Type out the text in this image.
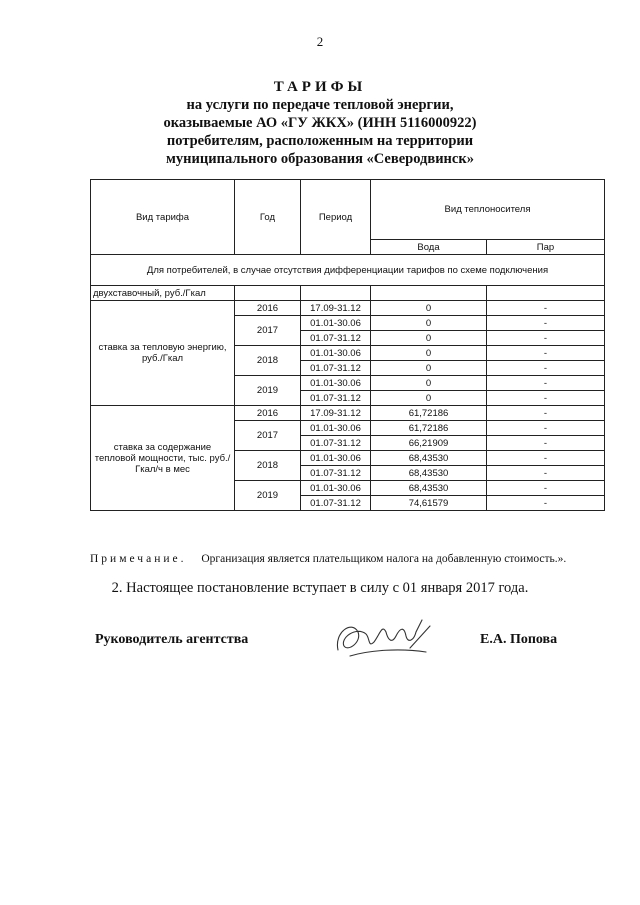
2
ТАРИФЫ
на услуги по передаче тепловой энергии,
оказываемые АО «ГУ ЖКХ» (ИНН 5116000922)
потребителям, расположенным на территории
муниципального образования «Северодвинск»
Вид тарифа	Год	Период	Вид теплоносителя	
			Вода	Пар
Для потребителей, в случае отсутствия дифференциации тарифов по схеме подключения				
двухставочный, руб./Гкал				
ставка за тепловую энергию, руб./Гкал	2016	17.09-31.12	0	-
	2017	01.01-30.06	0	-
		01.07-31.12	0	-
	2018	01.01-30.06	0	-
		01.07-31.12	0	-
	2019	01.01-30.06	0	-
		01.07-31.12	0	-
ставка за содержание тепловой мощности, тыс. руб./Гкал/ч в мес	2016	17.09-31.12	61,72186	-
	2017	01.01-30.06	61,72186	-
		01.07-31.12	66,21909	-
	2018	01.01-30.06	68,43530	-
		01.07-31.12	68,43530	-
	2019	01.01-30.06	68,43530	-
		01.07-31.12	74,61579	-
Примечание. Организация является плательщиком налога на добавленную стоимость.».
2. Настоящее постановление вступает в силу с 01 января 2017 года.
Руководитель агентства	Е.А. Попова
